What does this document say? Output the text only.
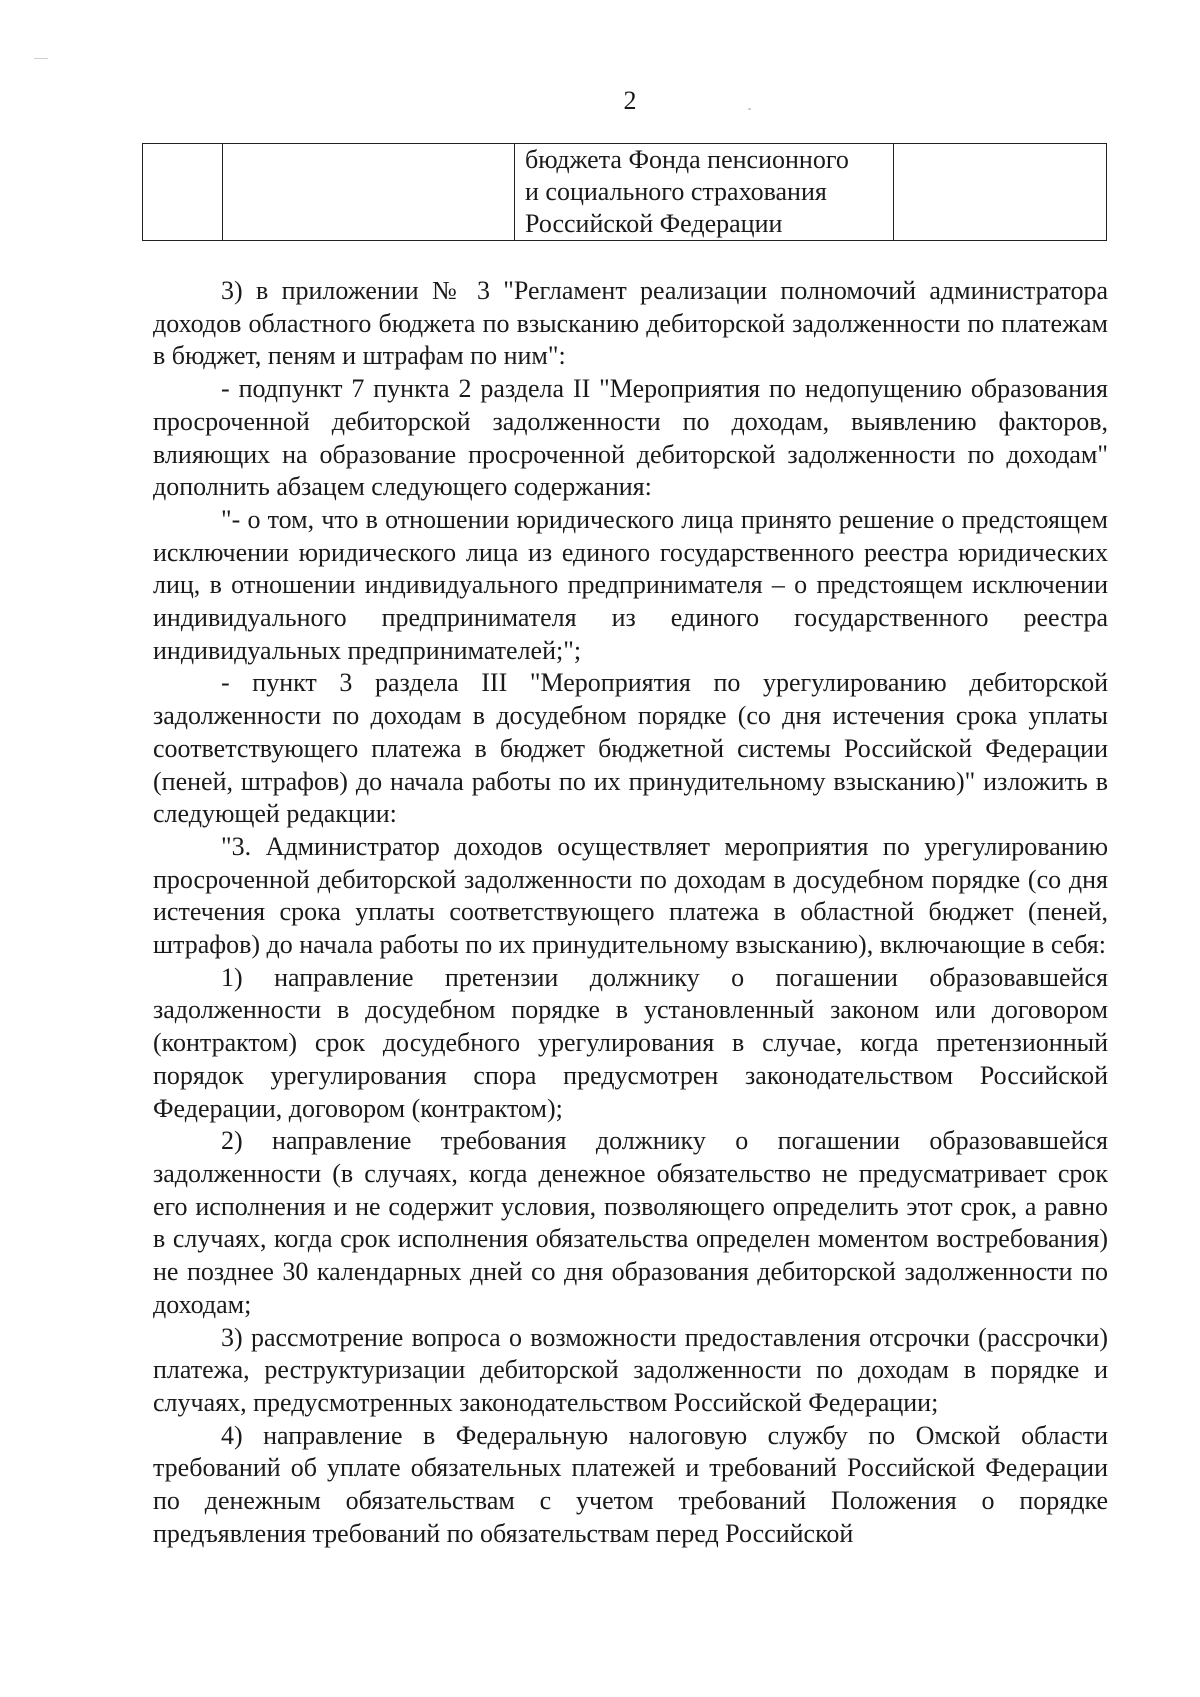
2

бюджета Фонда пенсионного
и социального страхования
Российской Федерации

3) в приложении № 3 "Регламент реализации полномочий администратора доходов областного бюджета по взысканию дебиторской задолженности по платежам в бюджет, пеням и штрафам по ним":

- подпункт 7 пункта 2 раздела II "Мероприятия по недопущению образования просроченной дебиторской задолженности по доходам, выявлению факторов, влияющих на образование просроченной дебиторской задолженности по доходам" дополнить абзацем следующего содержания:

"- о том, что в отношении юридического лица принято решение о предстоящем исключении юридического лица из единого государственного реестра юридических лиц, в отношении индивидуального предпринимателя – о предстоящем исключении индивидуального предпринимателя из единого государственного реестра индивидуальных предпринимателей;";

- пункт 3 раздела III "Мероприятия по урегулированию дебиторской задолженности по доходам в досудебном порядке (со дня истечения срока уплаты соответствующего платежа в бюджет бюджетной системы Российской Федерации (пеней, штрафов) до начала работы по их принудительному взысканию)" изложить в следующей редакции:

"3. Администратор доходов осуществляет мероприятия по урегулированию просроченной дебиторской задолженности по доходам в досудебном порядке (со дня истечения срока уплаты соответствующего платежа в областной бюджет (пеней, штрафов) до начала работы по их принудительному взысканию), включающие в себя:

1) направление претензии должнику о погашении образовавшейся задолженности в досудебном порядке в установленный законом или договором (контрактом) срок досудебного урегулирования в случае, когда претензионный порядок урегулирования спора предусмотрен законодательством Российской Федерации, договором (контрактом);

2) направление требования должнику о погашении образовавшейся задолженности (в случаях, когда денежное обязательство не предусматривает срок его исполнения и не содержит условия, позволяющего определить этот срок, а равно в случаях, когда срок исполнения обязательства определен моментом востребования) не позднее 30 календарных дней со дня образования дебиторской задолженности по доходам;

3) рассмотрение вопроса о возможности предоставления отсрочки (рассрочки) платежа, реструктуризации дебиторской задолженности по доходам в порядке и случаях, предусмотренных законодательством Российской Федерации;

4) направление в Федеральную налоговую службу по Омской области требований об уплате обязательных платежей и требований Российской Федерации по денежным обязательствам с учетом требований Положения о порядке предъявления требований по обязательствам перед Российской
